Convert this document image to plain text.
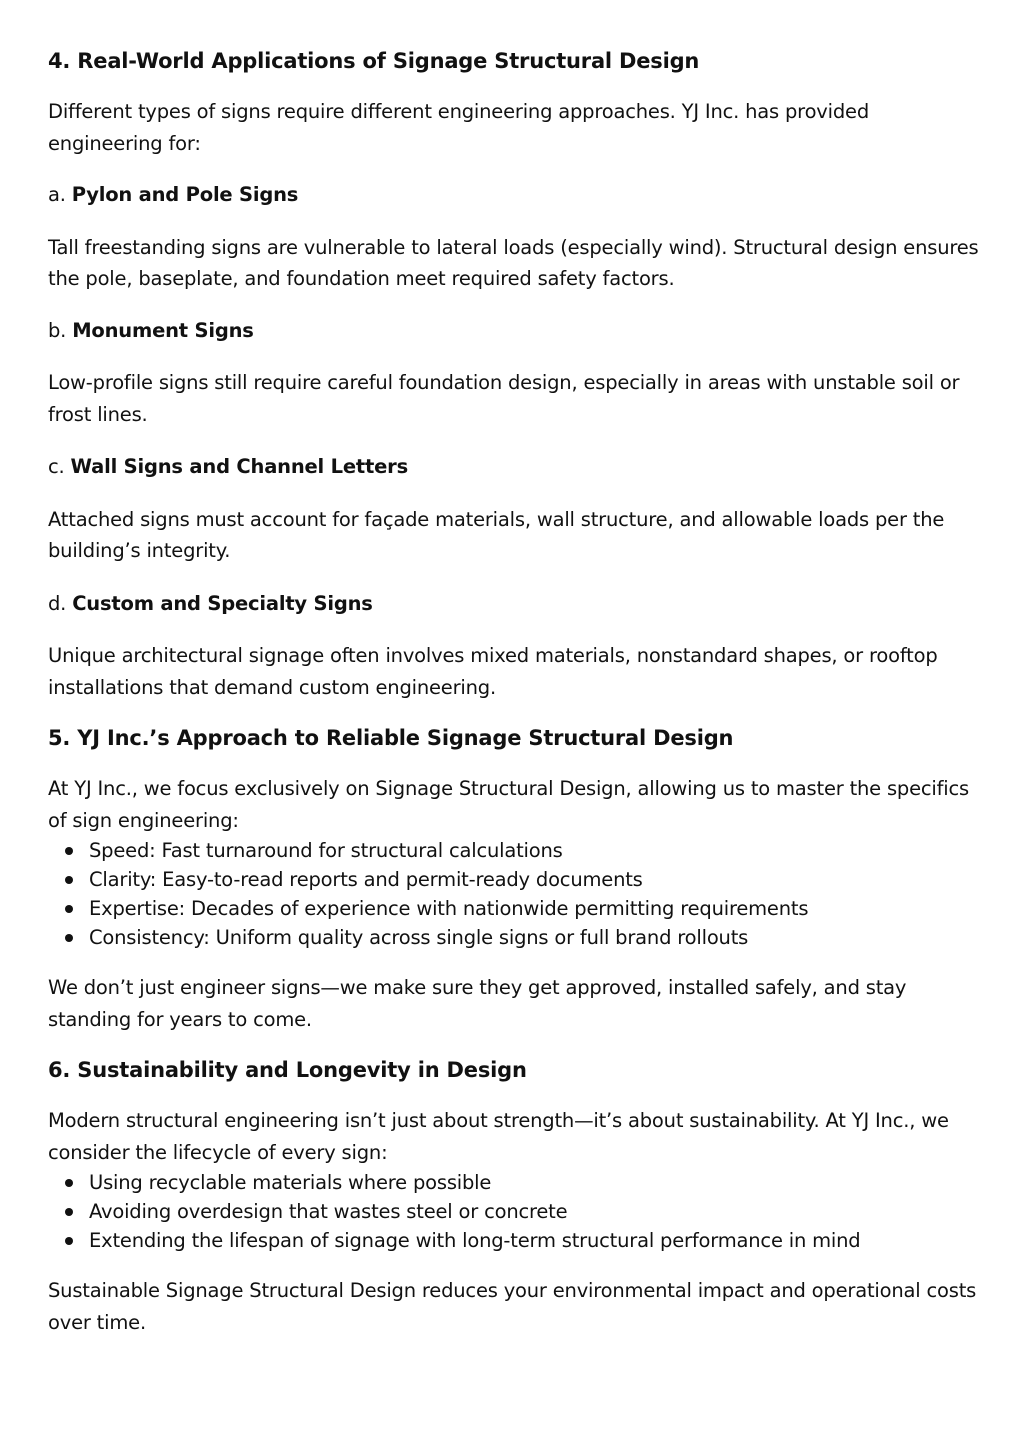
4. Real-World Applications of Signage Structural Design

Different types of signs require different engineering approaches. YJ Inc. has provided engineering for:

a. Pylon and Pole Signs

Tall freestanding signs are vulnerable to lateral loads (especially wind). Structural design ensures the pole, baseplate, and foundation meet required safety factors.

b. Monument Signs

Low-profile signs still require careful foundation design, especially in areas with unstable soil or frost lines.

c. Wall Signs and Channel Letters

Attached signs must account for façade materials, wall structure, and allowable loads per the building’s integrity.

d. Custom and Specialty Signs

Unique architectural signage often involves mixed materials, nonstandard shapes, or rooftop installations that demand custom engineering.

5. YJ Inc.’s Approach to Reliable Signage Structural Design

At YJ Inc., we focus exclusively on Signage Structural Design, allowing us to master the specifics of sign engineering:

Speed: Fast turnaround for structural calculations
Clarity: Easy-to-read reports and permit-ready documents
Expertise: Decades of experience with nationwide permitting requirements
Consistency: Uniform quality across single signs or full brand rollouts

We don’t just engineer signs—we make sure they get approved, installed safely, and stay standing for years to come.

6. Sustainability and Longevity in Design

Modern structural engineering isn’t just about strength—it’s about sustainability. At YJ Inc., we consider the lifecycle of every sign:

Using recyclable materials where possible
Avoiding overdesign that wastes steel or concrete
Extending the lifespan of signage with long-term structural performance in mind

Sustainable Signage Structural Design reduces your environmental impact and operational costs over time.
